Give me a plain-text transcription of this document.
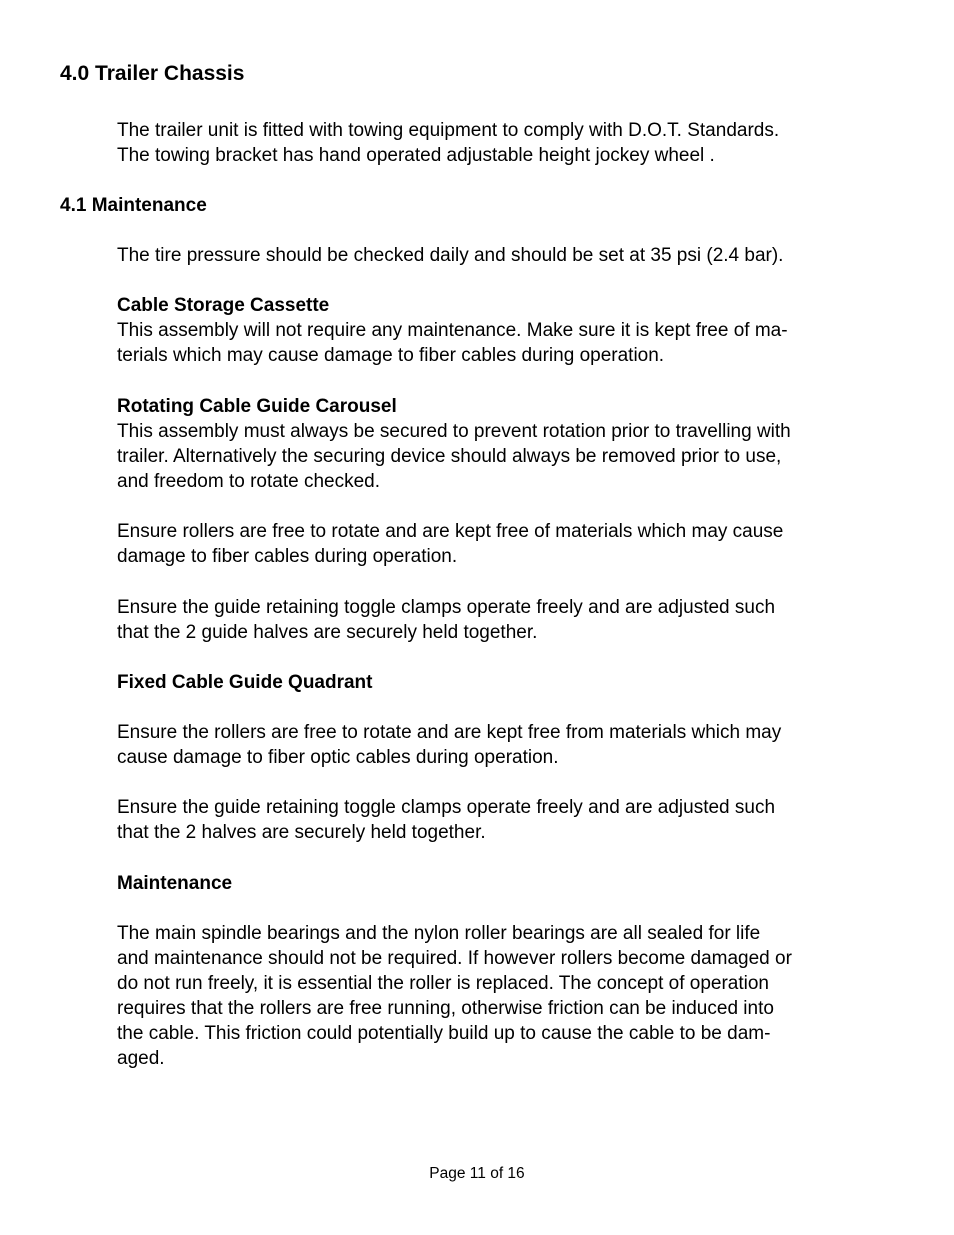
4.0 Trailer Chassis

The trailer unit is fitted with towing equipment to comply with D.O.T. Standards.
The towing bracket has hand operated adjustable height jockey wheel .

4.1 Maintenance

The tire pressure should be checked daily and should be set at 35 psi (2.4 bar).

Cable Storage Cassette
This assembly will not require any maintenance. Make sure it is kept free of ma-
terials which may cause damage to fiber cables during operation.
Rotating Cable Guide Carousel
This assembly must always be secured to prevent rotation prior to travelling with
trailer. Alternatively the securing device should always be removed prior to use,
and freedom to rotate checked.

Ensure rollers are free to rotate and are kept free of materials which may cause
damage to fiber cables during operation.

Ensure the guide retaining toggle clamps operate freely and are adjusted such
that the 2 guide halves are securely held together.

Fixed Cable Guide Quadrant

Ensure the rollers are free to rotate and are kept free from materials which may
cause damage to fiber optic cables during operation.

Ensure the guide retaining toggle clamps operate freely and are adjusted such
that the 2 halves are securely held together.

Maintenance

The main spindle bearings and the nylon roller bearings are all sealed for life
and maintenance should not be required. If however rollers become damaged or
do not run freely, it is essential the roller is replaced. The concept of operation
requires that the rollers are free running, otherwise friction can be induced into
the cable. This friction could potentially build up to cause the cable to be dam-
aged.

Page 11 of 16
